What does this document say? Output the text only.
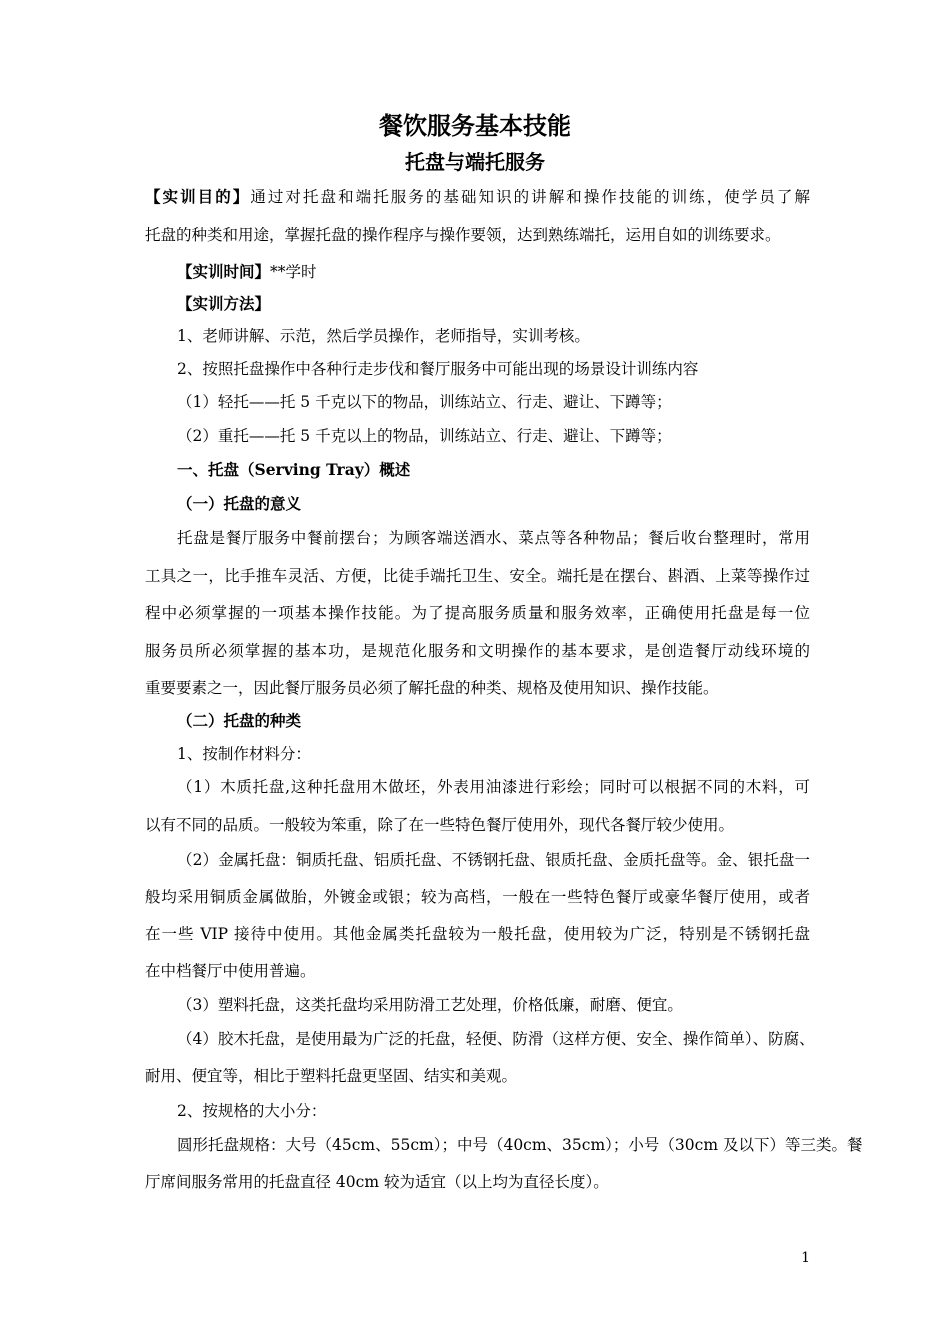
餐饮服务基本技能
托盘与端托服务
【实训目的】通过对托盘和端托服务的基础知识的讲解和操作技能的训练，使学员了解
托盘的种类和用途，掌握托盘的操作程序与操作要领，达到熟练端托，运用自如的训练要求。
【实训时间】**学时
【实训方法】
1、老师讲解、示范，然后学员操作，老师指导，实训考核。
2、按照托盘操作中各种行走步伐和餐厅服务中可能出现的场景设计训练内容
（1）轻托——托 5 千克以下的物品，训练站立、行走、避让、下蹲等；
（2）重托——托 5 千克以上的物品，训练站立、行走、避让、下蹲等；
一、托盘（Serving Tray）概述
（一）托盘的意义
托盘是餐厅服务中餐前摆台；为顾客端送酒水、菜点等各种物品；餐后收台整理时，常用
工具之一，比手推车灵活、方便，比徒手端托卫生、安全。端托是在摆台、斟酒、上菜等操作过
程中必须掌握的一项基本操作技能。为了提高服务质量和服务效率，正确使用托盘是每一位
服务员所必须掌握的基本功，是规范化服务和文明操作的基本要求，是创造餐厅动线环境的
重要要素之一，因此餐厅服务员必须了解托盘的种类、规格及使用知识、操作技能。
（二）托盘的种类
1、按制作材料分：
（1）木质托盘,这种托盘用木做坯，外表用油漆进行彩绘；同时可以根据不同的木料，可
以有不同的品质。一般较为笨重，除了在一些特色餐厅使用外，现代各餐厅较少使用。
（2）金属托盘：铜质托盘、铝质托盘、不锈钢托盘、银质托盘、金质托盘等。金、银托盘一
般均采用铜质金属做胎，外镀金或银；较为高档，一般在一些特色餐厅或豪华餐厅使用，或者
在一些 VIP 接待中使用。其他金属类托盘较为一般托盘，使用较为广泛，特别是不锈钢托盘
在中档餐厅中使用普遍。
（3）塑料托盘，这类托盘均采用防滑工艺处理，价格低廉，耐磨、便宜。
（4）胶木托盘，是使用最为广泛的托盘，轻便、防滑（这样方便、安全、操作简单）、防腐、
耐用、便宜等，相比于塑料托盘更坚固、结实和美观。
2、按规格的大小分：
圆形托盘规格：大号（45cm、55cm）；中号（40cm、35cm）；小号（30cm 及以下）等三类。餐
厅席间服务常用的托盘直径 40cm 较为适宜（以上均为直径长度）。
1
